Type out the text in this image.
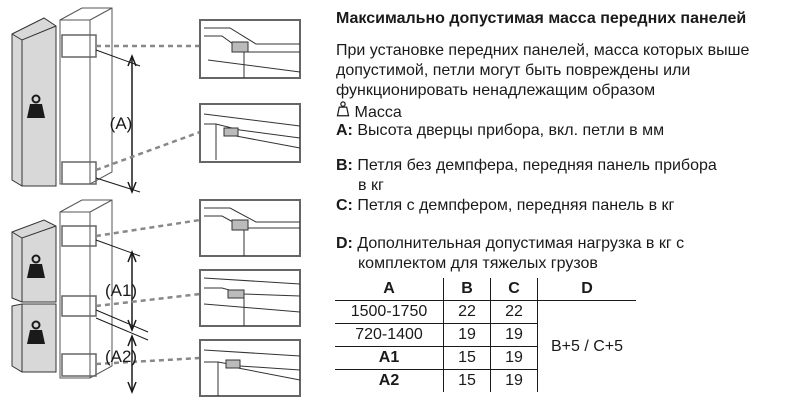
(A)
(A1)
(A2)
Максимально допустимая масса передних панелей
При установке передних панелей, масса которых выше
допустимой, петли могут быть повреждены или
функционировать ненадлежащим образом
Масса
A: Высота дверцы прибора, вкл. петли в мм
B: Петля без демпфера, передняя панель прибора
в кг
C: Петля с демпфером, передняя панель в кг
D: Дополнительная допустимая нагрузка в кг с
комплектом для тяжелых грузов
A	B	C	D
1500-1750	22	22	B+5 / C+5
720-1400	19	19	
A1	15	19	
A2	15	19	
